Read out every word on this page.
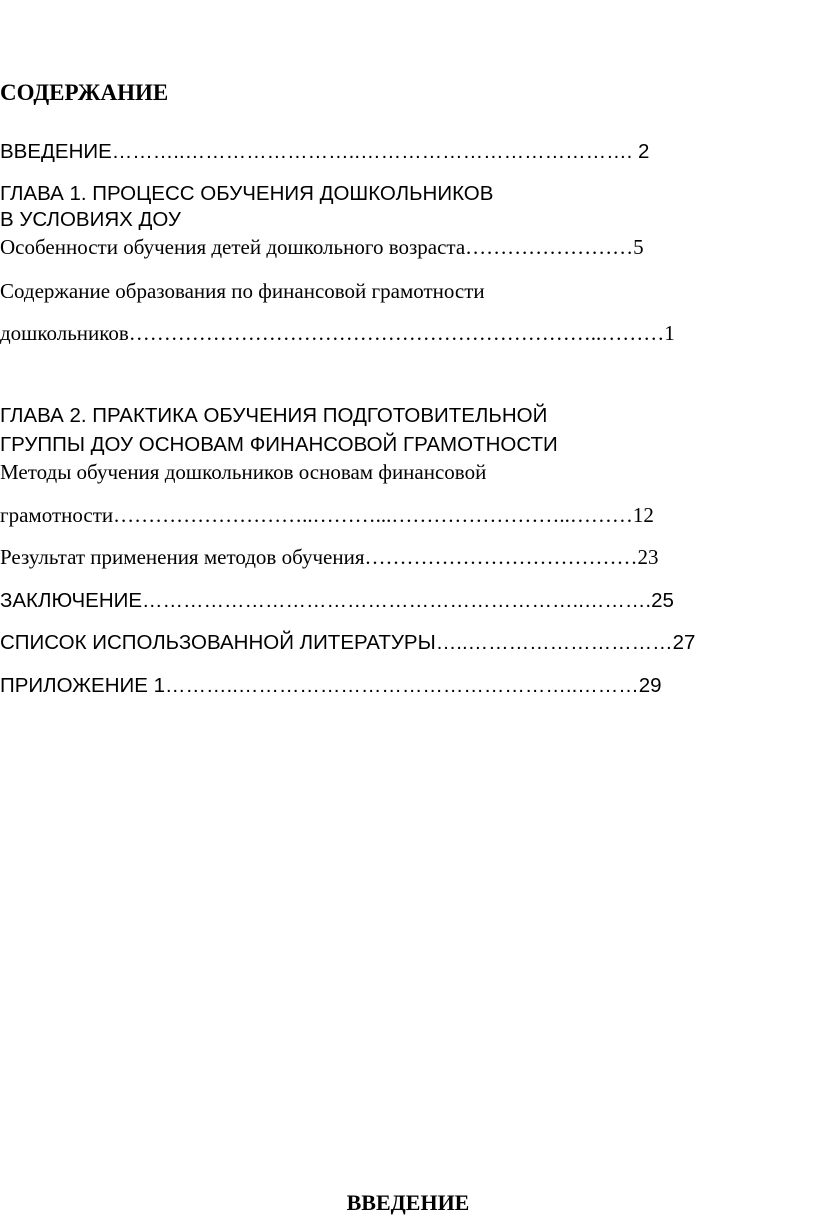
СОДЕРЖАНИЕ
ВВЕДЕНИЕ………..……………………..…………………………………. 2
ГЛАВА 1. ПРОЦЕСС ОБУЧЕНИЯ ДОШКОЛЬНИКОВ
В УСЛОВИЯХ ДОУ
Особенности обучения детей дошкольного возраста……………………5
Содержание образования по финансовой грамотности
дошкольников…………………………………………………………..………1
ГЛАВА 2. ПРАКТИКА ОБУЧЕНИЯ ПОДГОТОВИТЕЛЬНОЙ
ГРУППЫ ДОУ ОСНОВАМ ФИНАНСОВОЙ ГРАМОТНОСТИ
Методы обучения дошкольников основам финансовой
грамотности………………………..………...……………………..………12
Результат применения методов обучения…………………………………23
ЗАКЛЮЧЕНИЕ………………………………………………………..……….25
СПИСОК ИСПОЛЬЗОВАННОЙ ЛИТЕРАТУРЫ…..…………………………27
ПРИЛОЖЕНИЕ 1………..…………………………………………..………29
ВВЕДЕНИЕ
